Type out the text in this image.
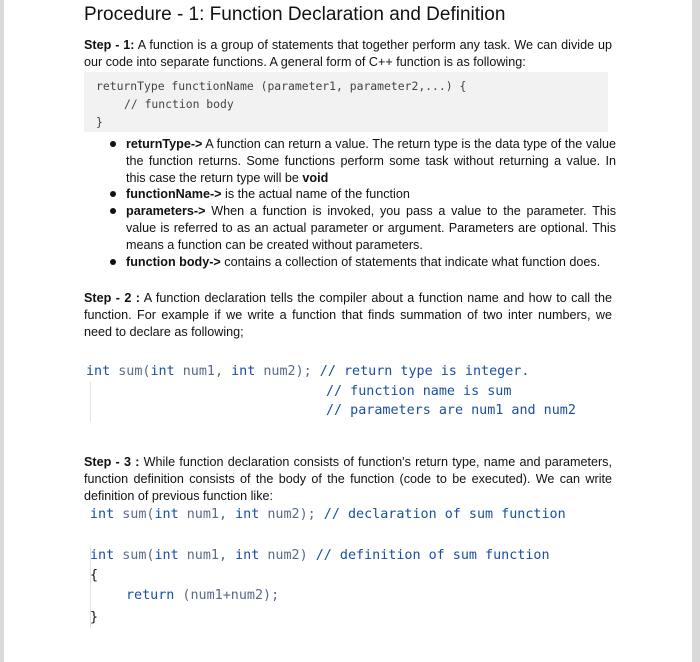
Procedure - 1: Function Declaration and Definition
Step - 1: A function is a group of statements that together perform any task. We can divide up our code into separate functions. A general form of C++ function is as following:
returnType functionName (parameter1, parameter2,...) {
// function body
}
returnType-> A function can return a value. The return type is the data type of the value the function returns. Some functions perform some task without returning a value. In this case the return type will be void
functionName-> is the actual name of the function
parameters-> When a function is invoked, you pass a value to the parameter. This value is referred to as an actual parameter or argument. Parameters are optional. This means a function can be created without parameters.
function body-> contains a collection of statements that indicate what function does.
Step - 2 : A function declaration tells the compiler about a function name and how to call the function. For example if we write a function that finds summation of two inter numbers, we need to declare as following;
int sum(int num1, int num2); // return type is integer.
// function name is sum
// parameters are num1 and num2
Step - 3 : While function declaration consists of function's return type, name and parameters, function definition consists of the body of the function (code to be executed). We can write definition of previous function like:
int sum(int num1, int num2); // declaration of sum function
int sum(int num1, int num2) // definition of sum function
{
return (num1+num2);
}
